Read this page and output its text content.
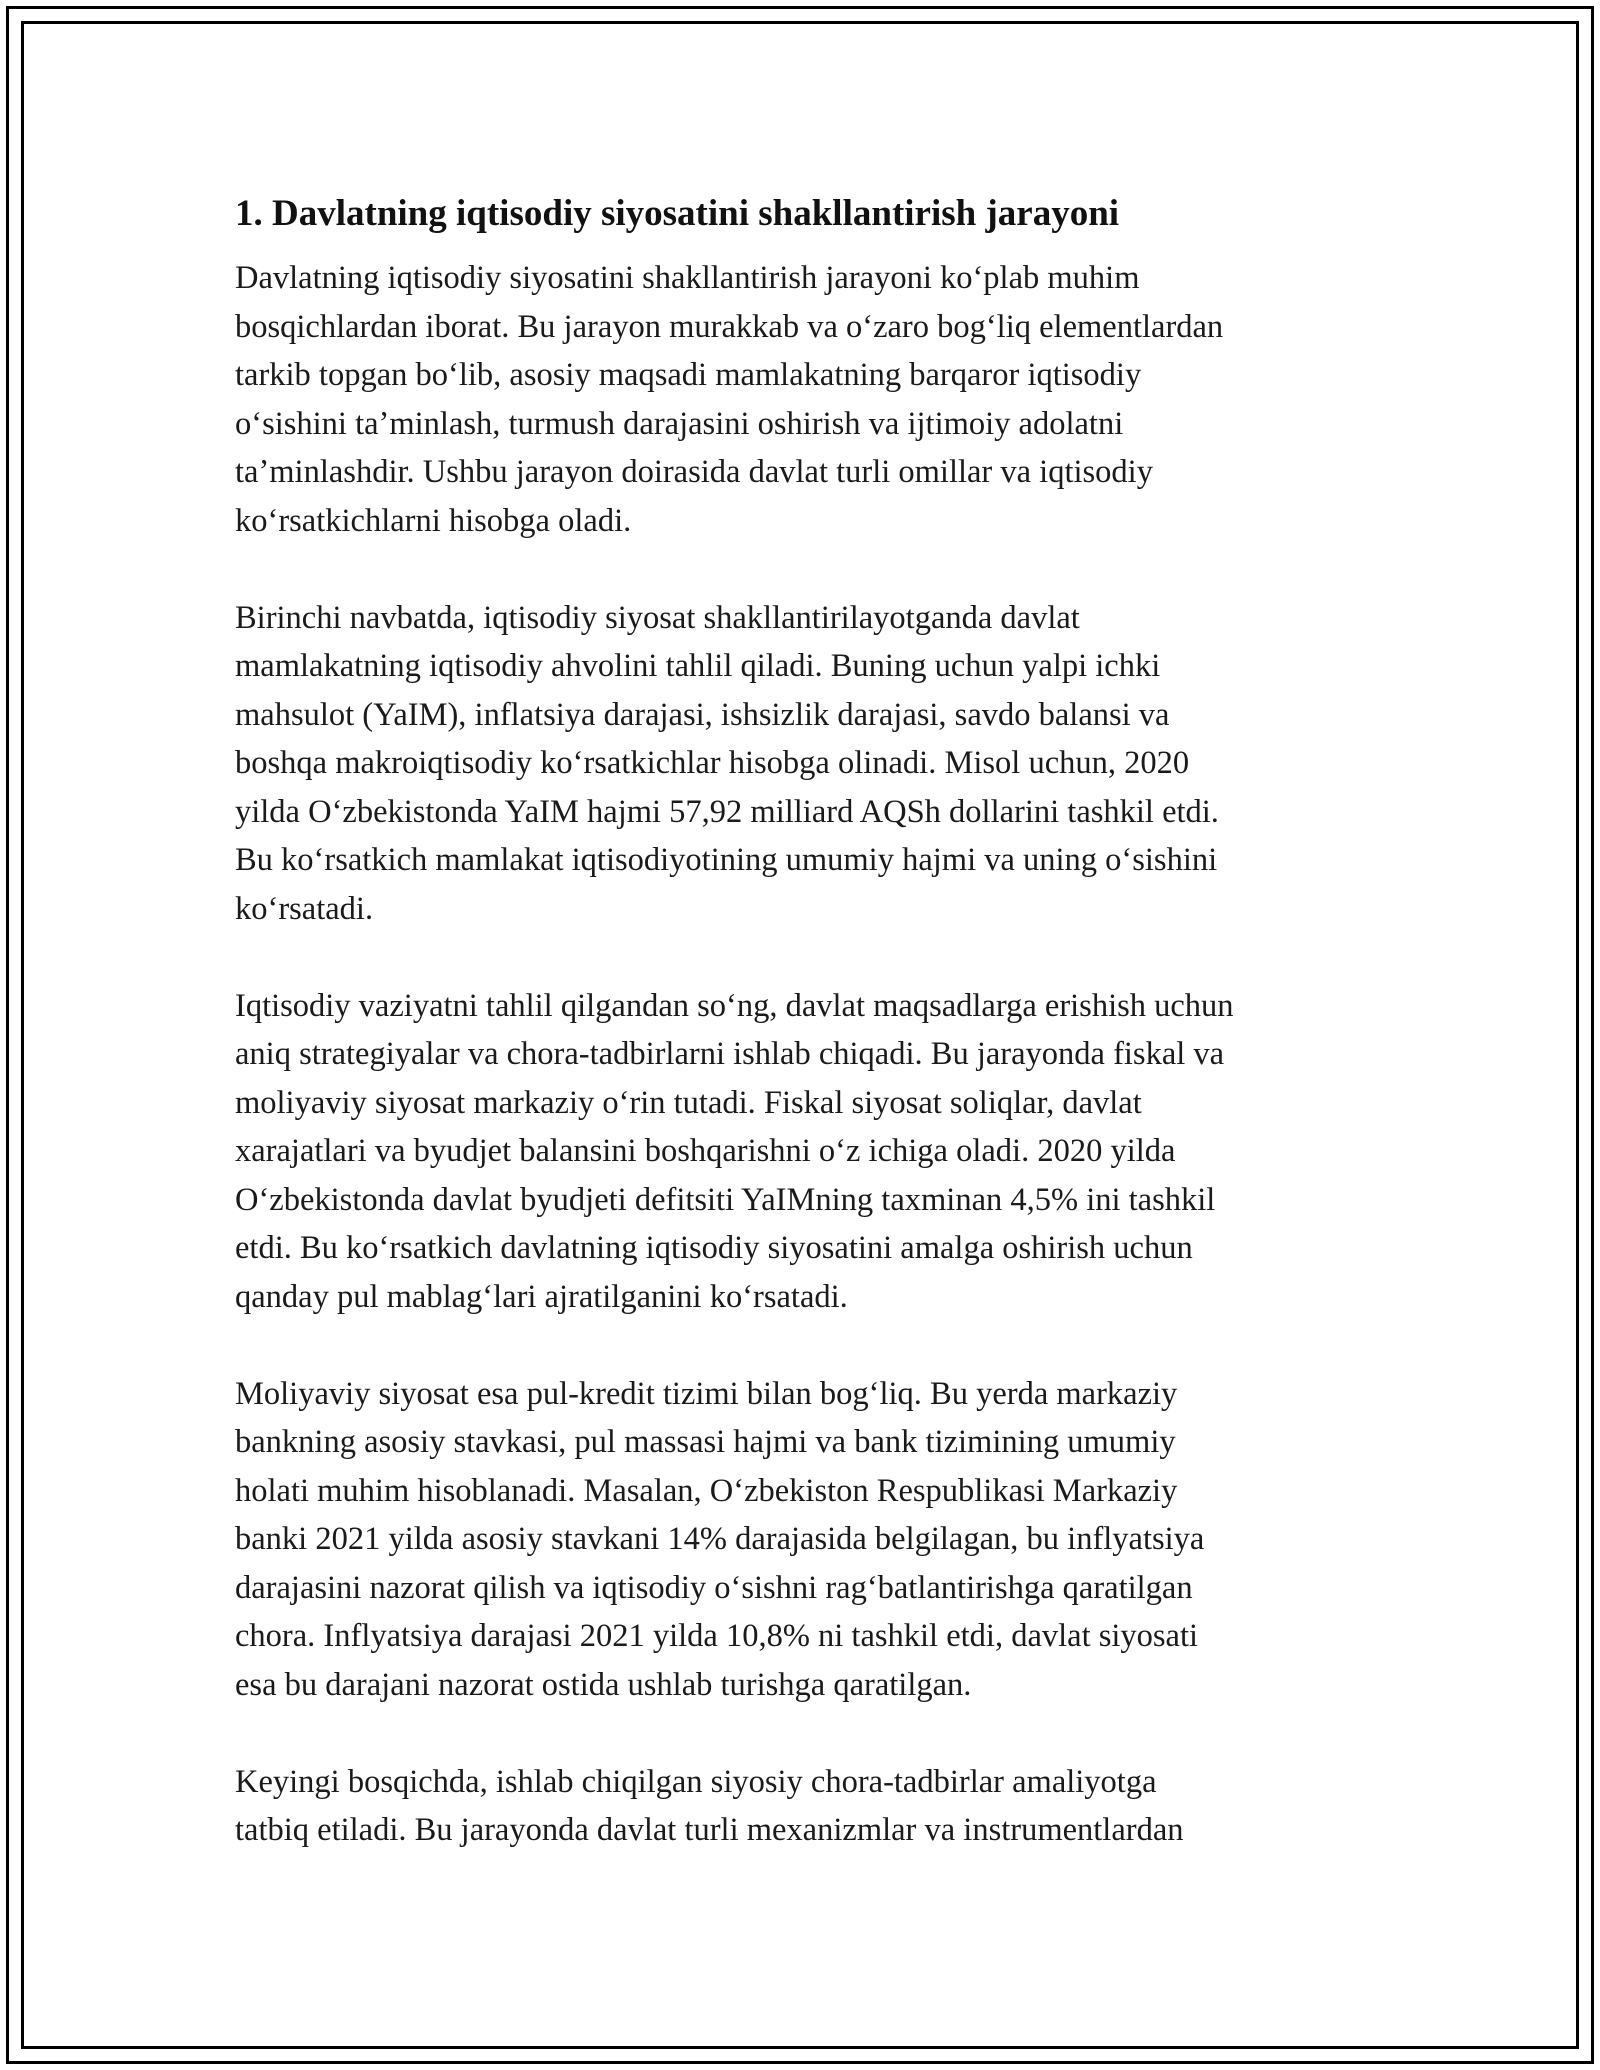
1. Davlatning iqtisodiy siyosatini shakllantirish jarayoni
Davlatning iqtisodiy siyosatini shakllantirish jarayoni koʻplab muhim
bosqichlardan iborat. Bu jarayon murakkab va oʻzaro bogʻliq elementlardan
tarkib topgan boʻlib, asosiy maqsadi mamlakatning barqaror iqtisodiy
oʻsishini taʼminlash, turmush darajasini oshirish va ijtimoiy adolatni
taʼminlashdir. Ushbu jarayon doirasida davlat turli omillar va iqtisodiy
koʻrsatkichlarni hisobga oladi.
Birinchi navbatda, iqtisodiy siyosat shakllantirilayotganda davlat
mamlakatning iqtisodiy ahvolini tahlil qiladi. Buning uchun yalpi ichki
mahsulot (YaIM), inflatsiya darajasi, ishsizlik darajasi, savdo balansi va
boshqa makroiqtisodiy koʻrsatkichlar hisobga olinadi. Misol uchun, 2020
yilda Oʻzbekistonda YaIM hajmi 57,92 milliard AQSh dollarini tashkil etdi.
Bu koʻrsatkich mamlakat iqtisodiyotining umumiy hajmi va uning oʻsishini
koʻrsatadi.
Iqtisodiy vaziyatni tahlil qilgandan soʻng, davlat maqsadlarga erishish uchun
aniq strategiyalar va chora-tadbirlarni ishlab chiqadi. Bu jarayonda fiskal va
moliyaviy siyosat markaziy oʻrin tutadi. Fiskal siyosat soliqlar, davlat
xarajatlari va byudjet balansini boshqarishni oʻz ichiga oladi. 2020 yilda
Oʻzbekistonda davlat byudjeti defitsiti YaIMning taxminan 4,5% ini tashkil
etdi. Bu koʻrsatkich davlatning iqtisodiy siyosatini amalga oshirish uchun
qanday pul mablagʻlari ajratilganini koʻrsatadi.
Moliyaviy siyosat esa pul-kredit tizimi bilan bogʻliq. Bu yerda markaziy
bankning asosiy stavkasi, pul massasi hajmi va bank tizimining umumiy
holati muhim hisoblanadi. Masalan, Oʻzbekiston Respublikasi Markaziy
banki 2021 yilda asosiy stavkani 14% darajasida belgilagan, bu inflyatsiya
darajasini nazorat qilish va iqtisodiy oʻsishni ragʻbatlantirishga qaratilgan
chora. Inflyatsiya darajasi 2021 yilda 10,8% ni tashkil etdi, davlat siyosati
esa bu darajani nazorat ostida ushlab turishga qaratilgan.
Keyingi bosqichda, ishlab chiqilgan siyosiy chora-tadbirlar amaliyotga
tatbiq etiladi. Bu jarayonda davlat turli mexanizmlar va instrumentlardan
